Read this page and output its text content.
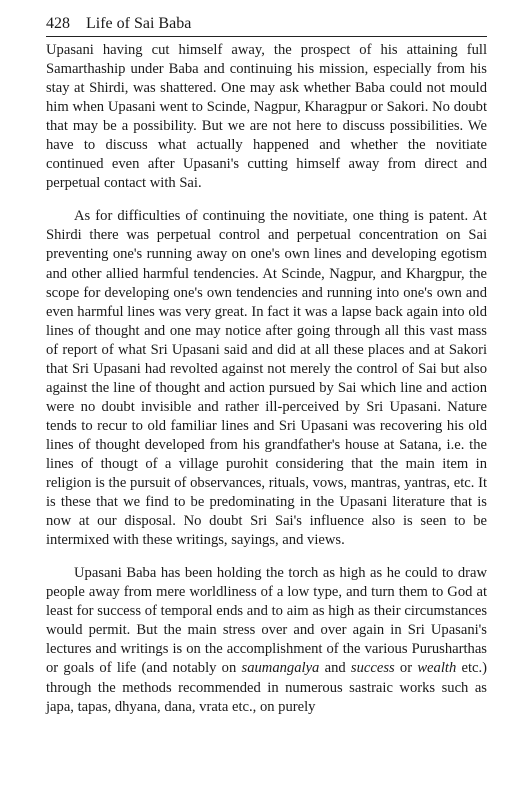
428 Life of Sai Baba

Upasani having cut himself away, the prospect of his attaining full Samarthaship under Baba and continuing his mission, especially from his stay at Shirdi, was shattered. One may ask whether Baba could not mould him when Upasani went to Scinde, Nagpur, Kharagpur or Sakori. No doubt that may be a possibility. But we are not here to discuss possibilities. We have to discuss what actually happened and whether the novitiate continued even after Upasani's cutting himself away from direct and perpetual contact with Sai.

As for difficulties of continuing the novitiate, one thing is patent. At Shirdi there was perpetual control and perpetual concentration on Sai preventing one's running away on one's own lines and developing egotism and other allied harmful tendencies. At Scinde, Nagpur, and Khargpur, the scope for developing one's own tendencies and running into one's own and even harmful lines was very great. In fact it was a lapse back again into old lines of thought and one may notice after going through all this vast mass of report of what Sri Upasani said and did at all these places and at Sakori that Sri Upasani had revolted against not merely the control of Sai but also against the line of thought and action pursued by Sai which line and action were no doubt invisible and rather ill-perceived by Sri Upasani. Nature tends to recur to old familiar lines and Sri Upasani was recovering his old lines of thought developed from his grandfather's house at Satana, i.e. the lines of thougt of a village purohit considering that the main item in religion is the pursuit of observances, rituals, vows, mantras, yantras, etc. It is these that we find to be predominating in the Upasani literature that is now at our disposal. No doubt Sri Sai's influence also is seen to be intermixed with these writings, sayings, and views.

Upasani Baba has been holding the torch as high as he could to draw people away from mere worldliness of a low type, and turn them to God at least for success of temporal ends and to aim as high as their circumstances would permit. But the main stress over and over again in Sri Upasani's lectures and writings is on the accomplishment of the various Purusharthas or goals of life (and notably on saumangalya and success or wealth etc.) through the methods recommended in numerous sastraic works such as japa, tapas, dhyana, dana, vrata etc., on purely
